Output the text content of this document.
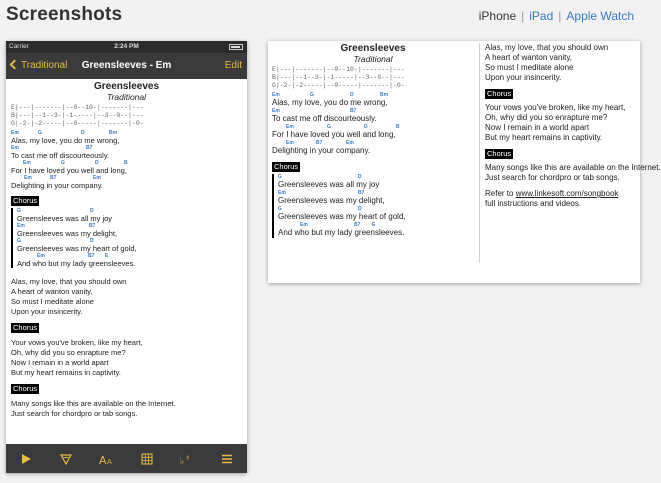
Screenshots	iPhone | iPad | Apple Watch
Carrier	2:24 PM
Traditional	Greensleeves - Em	Edit
Greensleeves
Traditional
E|---|-------|--0--10-|-------|---
B|---|--1--3-|-1-----|--3--0--|---
G|-2-|-2-----|--0-----|-------|-0-
Em	G	D	Bm
Alas, my love, you do me wrong,
Em	B7
To cast me off discourteously.
Em	G	D	B
For I have loved you well and long,
Em	B7	Em
Delighting in your company.
Chorus
G	D
Greensleeves was all my joy
Em	B7
Greensleeves was my delight,
G	D
Greensleeves was my heart of gold,
Em	B7 E
And who but my lady greensleeves.
Alas, my love, that you should own
A heart of wanton vanity,
So must I meditate alone
Upon your insincerity.
Chorus
Your vows you've broken, like my heart,
Oh, why did you so enrapture me?
Now I remain in a world apart
But my heart remains in captivity.
Chorus
Many songs like this are available on the Internet.
Just search for chordpro or tab songs.
A A	♭ ♯
Greensleeves
Traditional
E|---|-------|--0--10-|-------|---
B|---|--1--3-|-1-----|--3--0--|---
G|-2-|-2-----|--0-----|-------|-0-
Em	G	D	Bm
Alas, my love, you do me wrong,
Em	B7
To cast me off discourteously.
Em	G	D	B
For I have loved you well and long,
Em	B7	Em
Delighting in your company.
Chorus
G	D
Greensleeves was all my joy
Em	B7
Greensleeves was my delight,
G	D
Greensleeves was my heart of gold,
Em	B7 E
And who but my lady greensleeves.
Alas, my love, that you should own
A heart of wanton vanity,
So must I meditate alone
Upon your insincerity.
Chorus
Your vows you've broken, like my heart,
Oh, why did you so enrapture me?
Now I remain in a world apart
But my heart remains in captivity.
Chorus
Many songs like this are available on the Internet.
Just search for chordpro or tab songs.
Refer to www.linkesoft.com/songbook
full instructions and videos.
